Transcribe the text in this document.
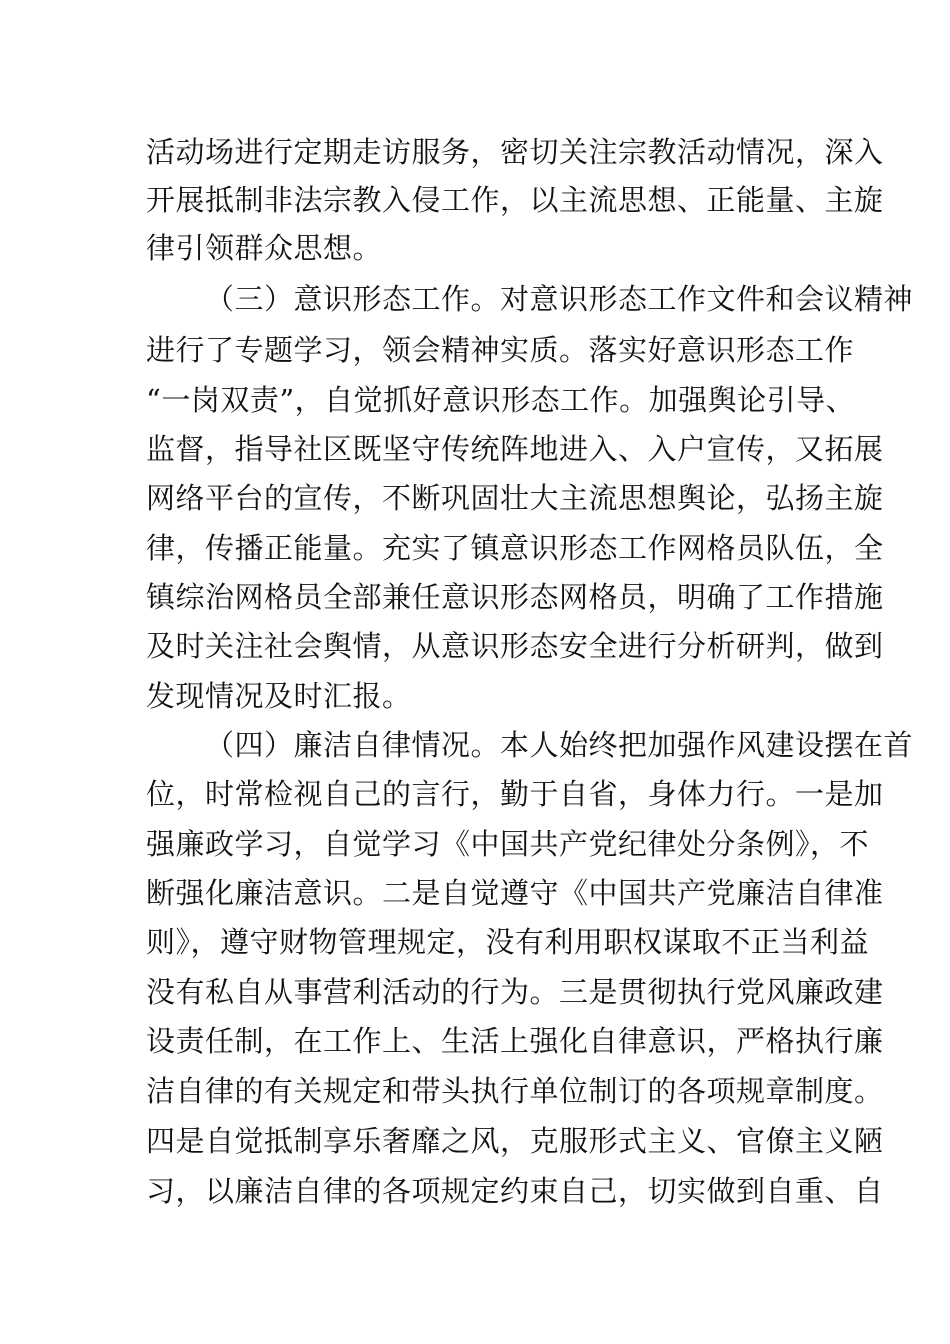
活动场进行定期走访服务，密切关注宗教活动情况，深入
开展抵制非法宗教入侵工作，以主流思想、正能量、主旋
律引领群众思想。
（三）意识形态工作。对意识形态工作文件和会议精神
进行了专题学习，领会精神实质。落实好意识形态工作
“一岗双责”，自觉抓好意识形态工作。加强舆论引导、
监督，指导社区既坚守传统阵地进入、入户宣传，又拓展
网络平台的宣传，不断巩固壮大主流思想舆论，弘扬主旋
律，传播正能量。充实了镇意识形态工作网格员队伍，全
镇综治网格员全部兼任意识形态网格员，明确了工作措施
及时关注社会舆情，从意识形态安全进行分析研判，做到
发现情况及时汇报。
（四）廉洁自律情况。本人始终把加强作风建设摆在首
位，时常检视自己的言行，勤于自省，身体力行。一是加
强廉政学习，自觉学习《中国共产党纪律处分条例》，不
断强化廉洁意识。二是自觉遵守《中国共产党廉洁自律准
则》，遵守财物管理规定，没有利用职权谋取不正当利益
没有私自从事营利活动的行为。三是贯彻执行党风廉政建
设责任制，在工作上、生活上强化自律意识，严格执行廉
洁自律的有关规定和带头执行单位制订的各项规章制度。
四是自觉抵制享乐奢靡之风，克服形式主义、官僚主义陋
习，以廉洁自律的各项规定约束自己，切实做到自重、自
